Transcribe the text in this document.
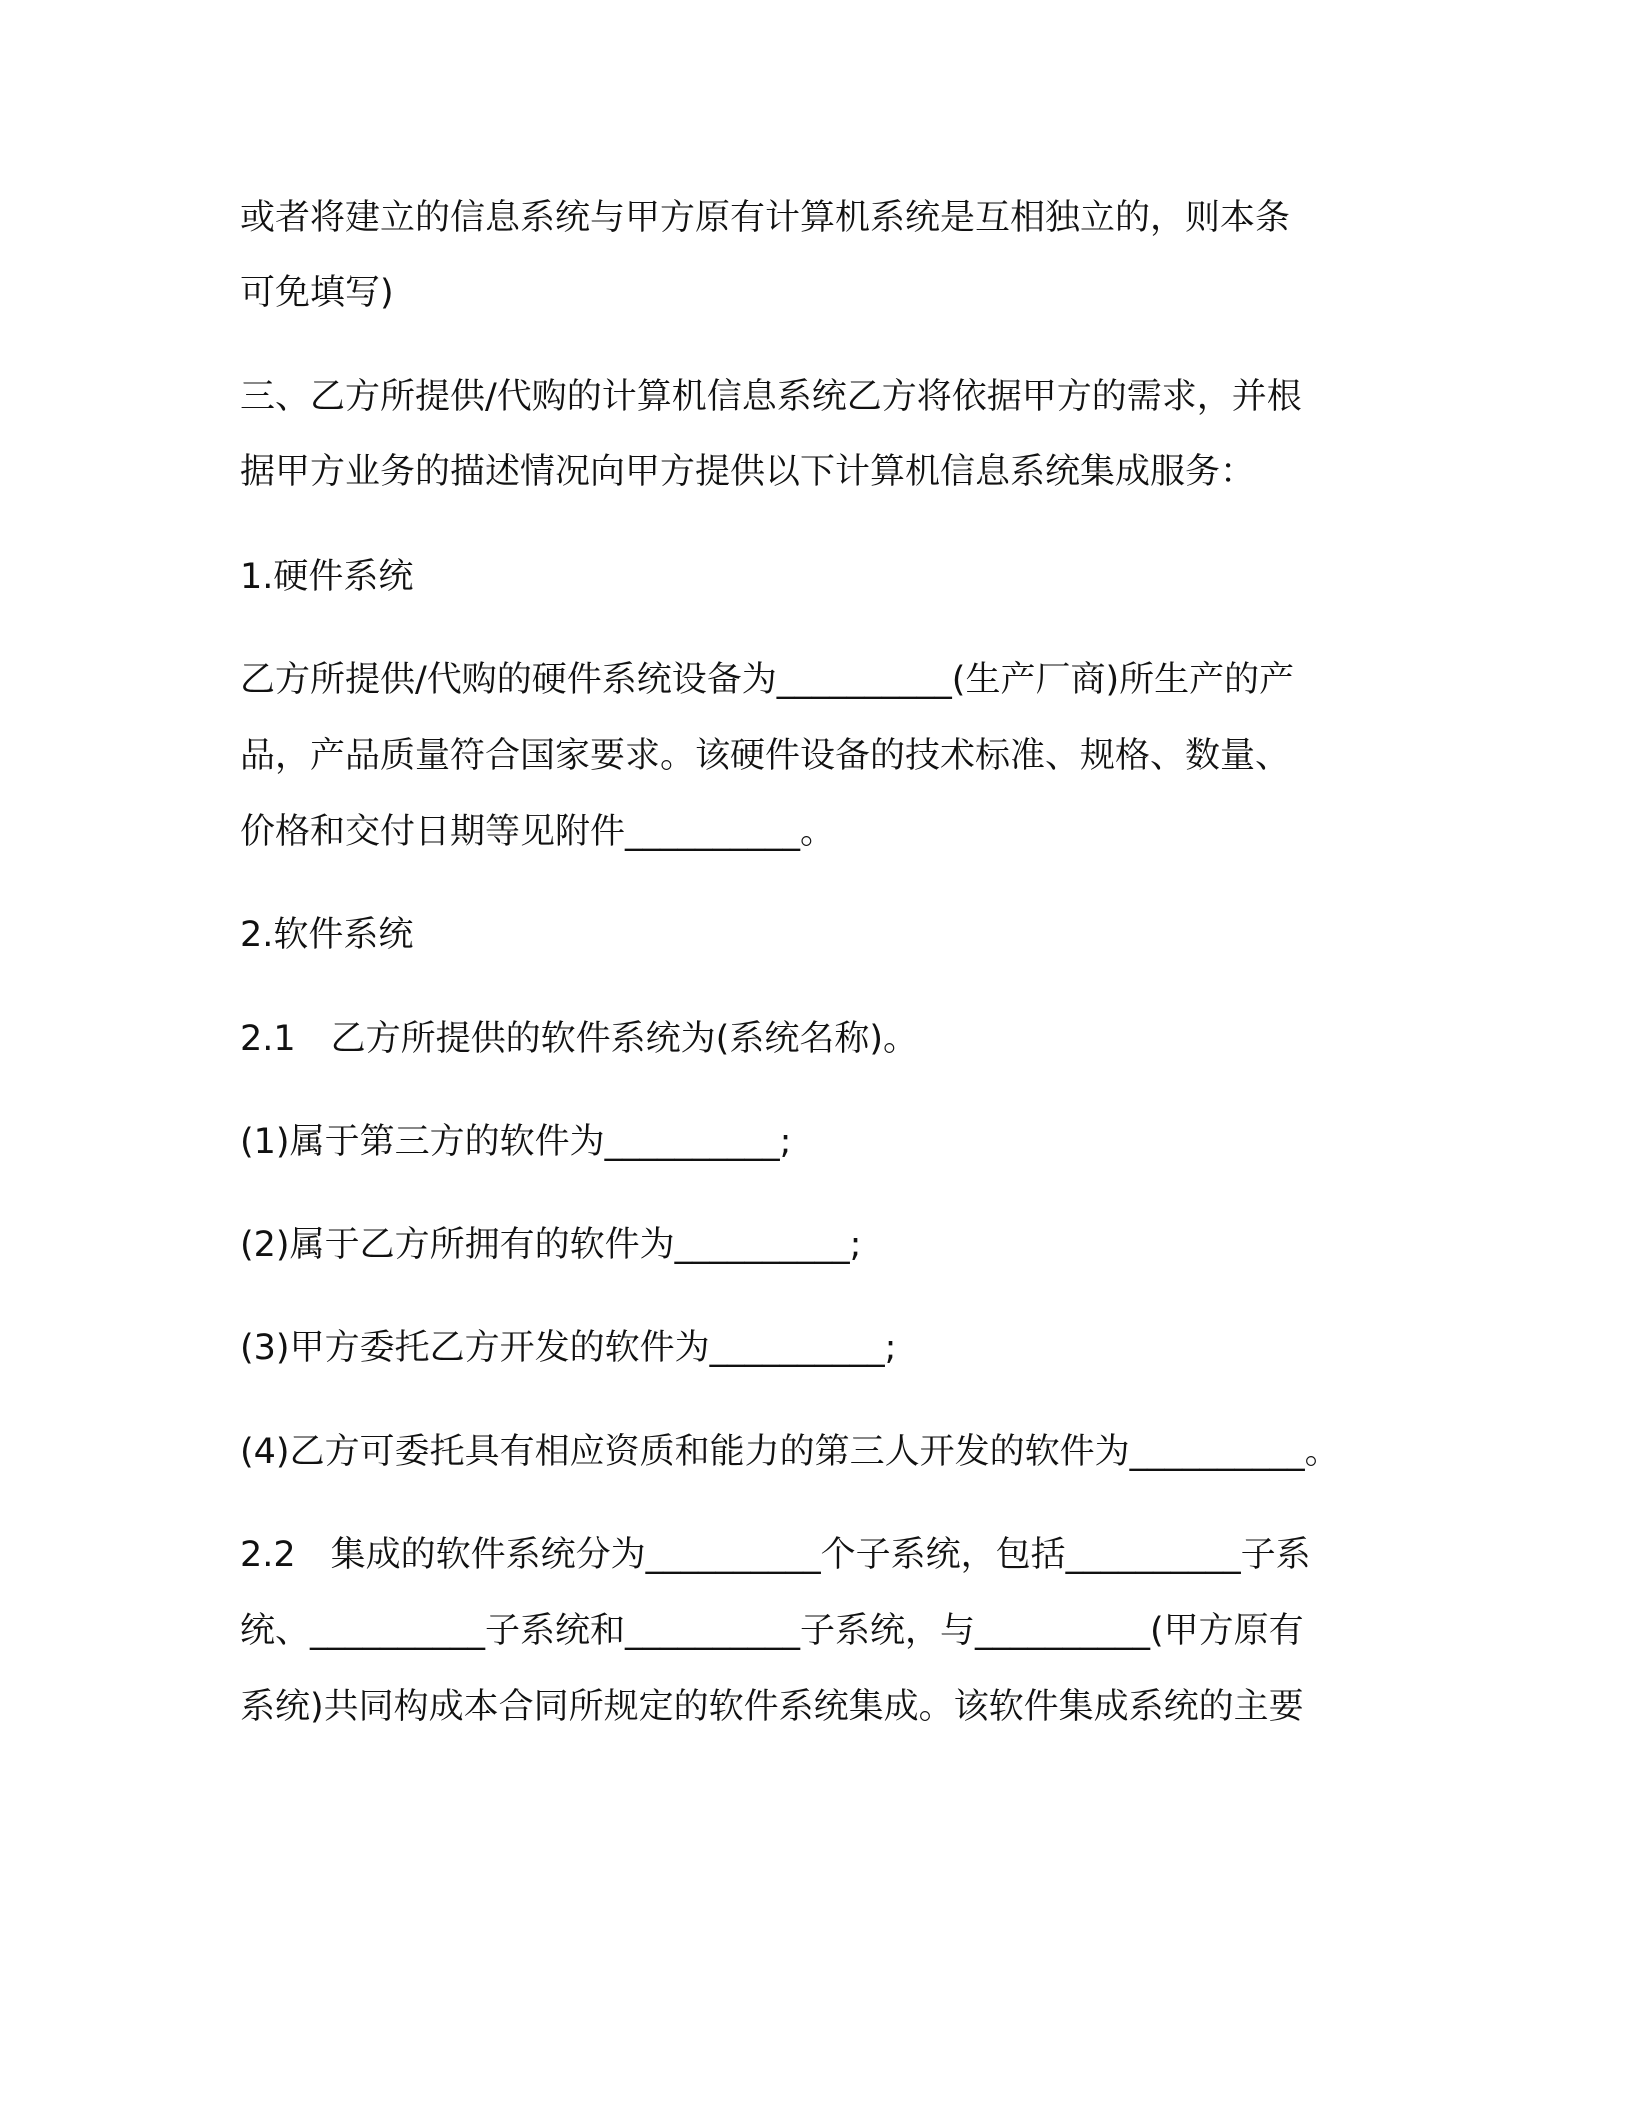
或者将建立的信息系统与甲方原有计算机系统是互相独立的，则本条
可免填写)
三、乙方所提供/代购的计算机信息系统乙方将依据甲方的需求，并根
据甲方业务的描述情况向甲方提供以下计算机信息系统集成服务：
1.硬件系统
乙方所提供/代购的硬件系统设备为__________(生产厂商)所生产的产
品，产品质量符合国家要求。该硬件设备的技术标准、规格、数量、
价格和交付日期等见附件__________。
2.软件系统
2.1　乙方所提供的软件系统为(系统名称)。
(1)属于第三方的软件为__________;
(2)属于乙方所拥有的软件为__________;
(3)甲方委托乙方开发的软件为__________;
(4)乙方可委托具有相应资质和能力的第三人开发的软件为__________。
2.2　集成的软件系统分为__________个子系统，包括__________子系
统、__________子系统和__________子系统，与__________(甲方原有
系统)共同构成本合同所规定的软件系统集成。该软件集成系统的主要
